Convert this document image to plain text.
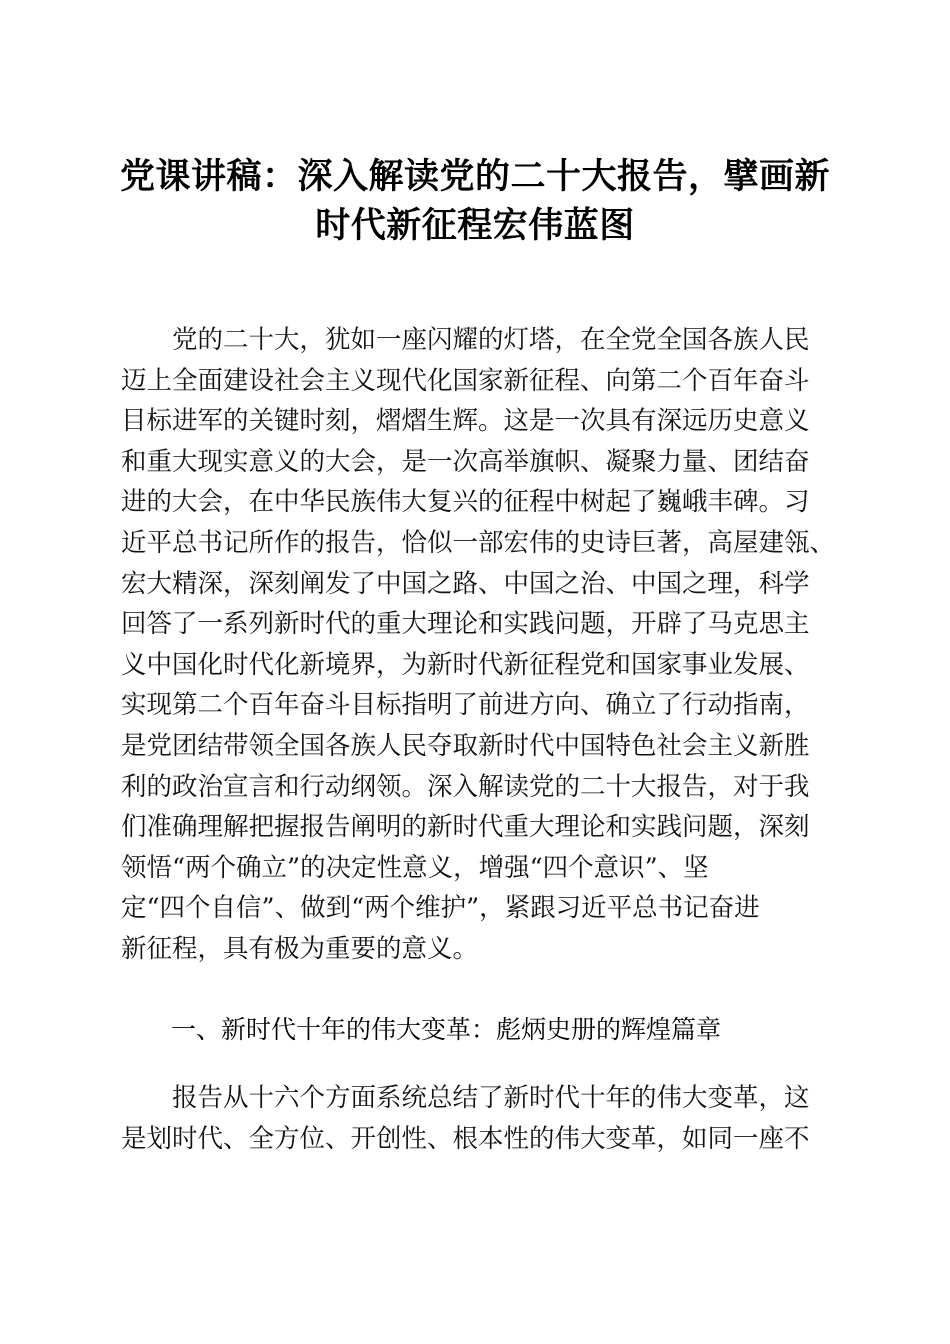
党课讲稿：深入解读党的二十大报告，擘画新
时代新征程宏伟蓝图
　　党的二十大，犹如一座闪耀的灯塔，在全党全国各族人民
迈上全面建设社会主义现代化国家新征程、向第二个百年奋斗
目标进军的关键时刻，熠熠生辉。这是一次具有深远历史意义
和重大现实意义的大会，是一次高举旗帜、凝聚力量、团结奋
进的大会，在中华民族伟大复兴的征程中树起了巍峨丰碑。习
近平总书记所作的报告，恰似一部宏伟的史诗巨著，高屋建瓴、
宏大精深，深刻阐发了中国之路、中国之治、中国之理，科学
回答了一系列新时代的重大理论和实践问题，开辟了马克思主
义中国化时代化新境界，为新时代新征程党和国家事业发展、
实现第二个百年奋斗目标指明了前进方向、确立了行动指南，
是党团结带领全国各族人民夺取新时代中国特色社会主义新胜
利的政治宣言和行动纲领。深入解读党的二十大报告，对于我
们准确理解把握报告阐明的新时代重大理论和实践问题，深刻
领悟“两个确立”的决定性意义，增强“四个意识”、坚
定“四个自信”、做到“两个维护”，紧跟习近平总书记奋进
新征程，具有极为重要的意义。
一、新时代十年的伟大变革：彪炳史册的辉煌篇章
　　报告从十六个方面系统总结了新时代十年的伟大变革，这
是划时代、全方位、开创性、根本性的伟大变革，如同一座不
